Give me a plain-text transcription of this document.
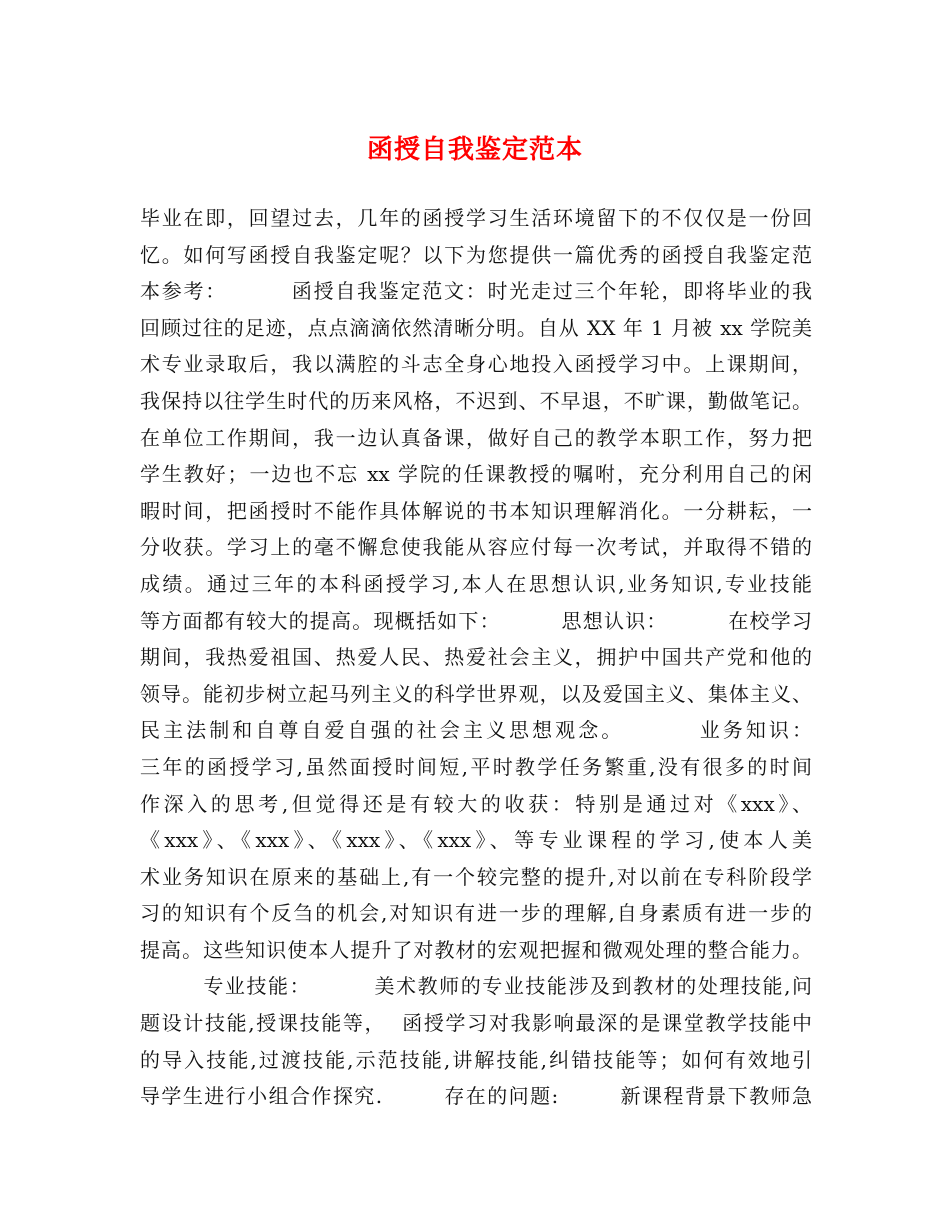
函授自我鉴定范本
毕业在即，回望过去，几年的函授学习生活环境留下的不仅仅是一份回
忆。如何写函授自我鉴定呢？以下为您提供一篇优秀的函授自我鉴定范
本参考：        函授自我鉴定范文：时光走过三个年轮，即将毕业的我
回顾过往的足迹，点点滴滴依然清晰分明。自从 XX 年 1 月被 xx 学院美
术专业录取后，我以满腔的斗志全身心地投入函授学习中。上课期间，
我保持以往学生时代的历来风格，不迟到、不早退，不旷课，勤做笔记。
在单位工作期间，我一边认真备课，做好自己的教学本职工作，努力把
学生教好；一边也不忘 xx 学院的任课教授的嘱咐，充分利用自己的闲
暇时间，把函授时不能作具体解说的书本知识理解消化。一分耕耘，一
分收获。学习上的毫不懈怠使我能从容应付每一次考试，并取得不错的
成绩。通过三年的本科函授学习,本人在思想认识,业务知识,专业技能
等方面都有较大的提高。现概括如下：        思想认识：        在校学习
期间，我热爱祖国、热爱人民、热爱社会主义，拥护中国共产党和他的
领导。能初步树立起马列主义的科学世界观，以及爱国主义、集体主义、
民主法制和自尊自爱自强的社会主义思想观念。        业务知识：
三年的函授学习,虽然面授时间短,平时教学任务繁重,没有很多的时间
作深入的思考,但觉得还是有较大的收获：特别是通过对《xxx》、
《xxx》、《xxx》、《xxx》、《xxx》、等专业课程的学习,使本人美
术业务知识在原来的基础上,有一个较完整的提升,对以前在专科阶段学
习的知识有个反刍的机会,对知识有进一步的理解,自身素质有进一步的
提高。这些知识使本人提升了对教材的宏观把握和微观处理的整合能力。
专业技能：        美术教师的专业技能涉及到教材的处理技能,问
题设计技能,授课技能等，  函授学习对我影响最深的是课堂教学技能中
的导入技能,过渡技能,示范技能,讲解技能,纠错技能等；如何有效地引
导学生进行小组合作探究.        存在的问题:        新课程背景下教师急
